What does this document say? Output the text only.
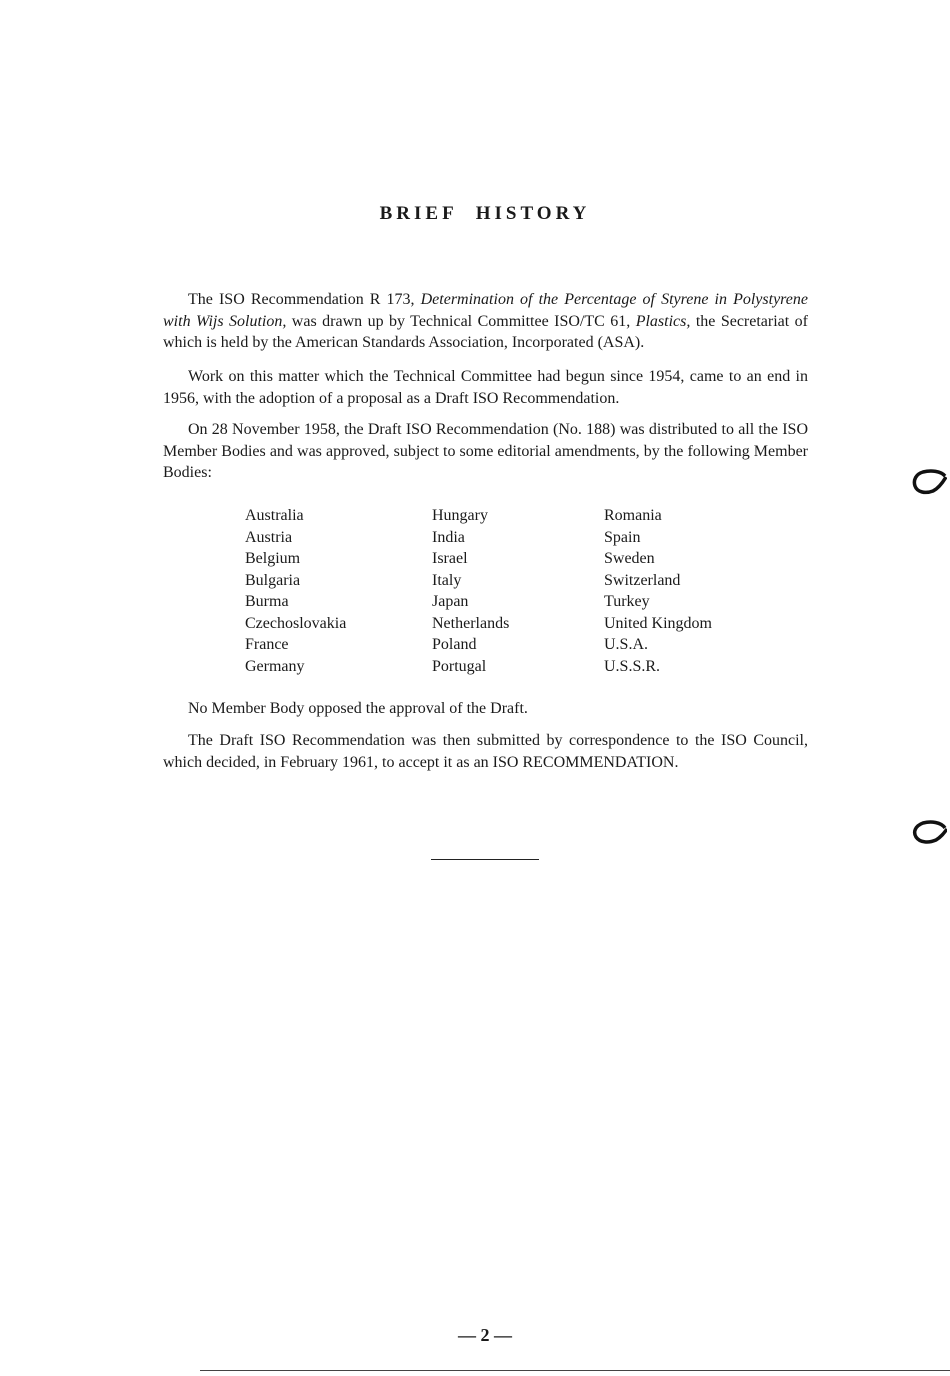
BRIEF HISTORY

The ISO Recommendation R 173, Determination of the Percentage of Styrene in Polystyrene with Wijs Solution, was drawn up by Technical Committee ISO/TC 61, Plastics, the Secretariat of which is held by the American Standards Association, Incorporated (ASA).

Work on this matter which the Technical Committee had begun since 1954, came to an end in 1956, with the adoption of a proposal as a Draft ISO Recommendation.

On 28 November 1958, the Draft ISO Recommendation (No. 188) was distributed to all the ISO Member Bodies and was approved, subject to some editorial amendments, by the following Member Bodies:

Australia
Austria
Belgium
Bulgaria
Burma
Czechoslovakia
France
Germany
Hungary
India
Israel
Italy
Japan
Netherlands
Poland
Portugal
Romania
Spain
Sweden
Switzerland
Turkey
United Kingdom
U.S.A.
U.S.S.R.

No Member Body opposed the approval of the Draft.

The Draft ISO Recommendation was then submitted by correspondence to the ISO Council, which decided, in February 1961, to accept it as an ISO RECOMMENDATION.

— 2 —
